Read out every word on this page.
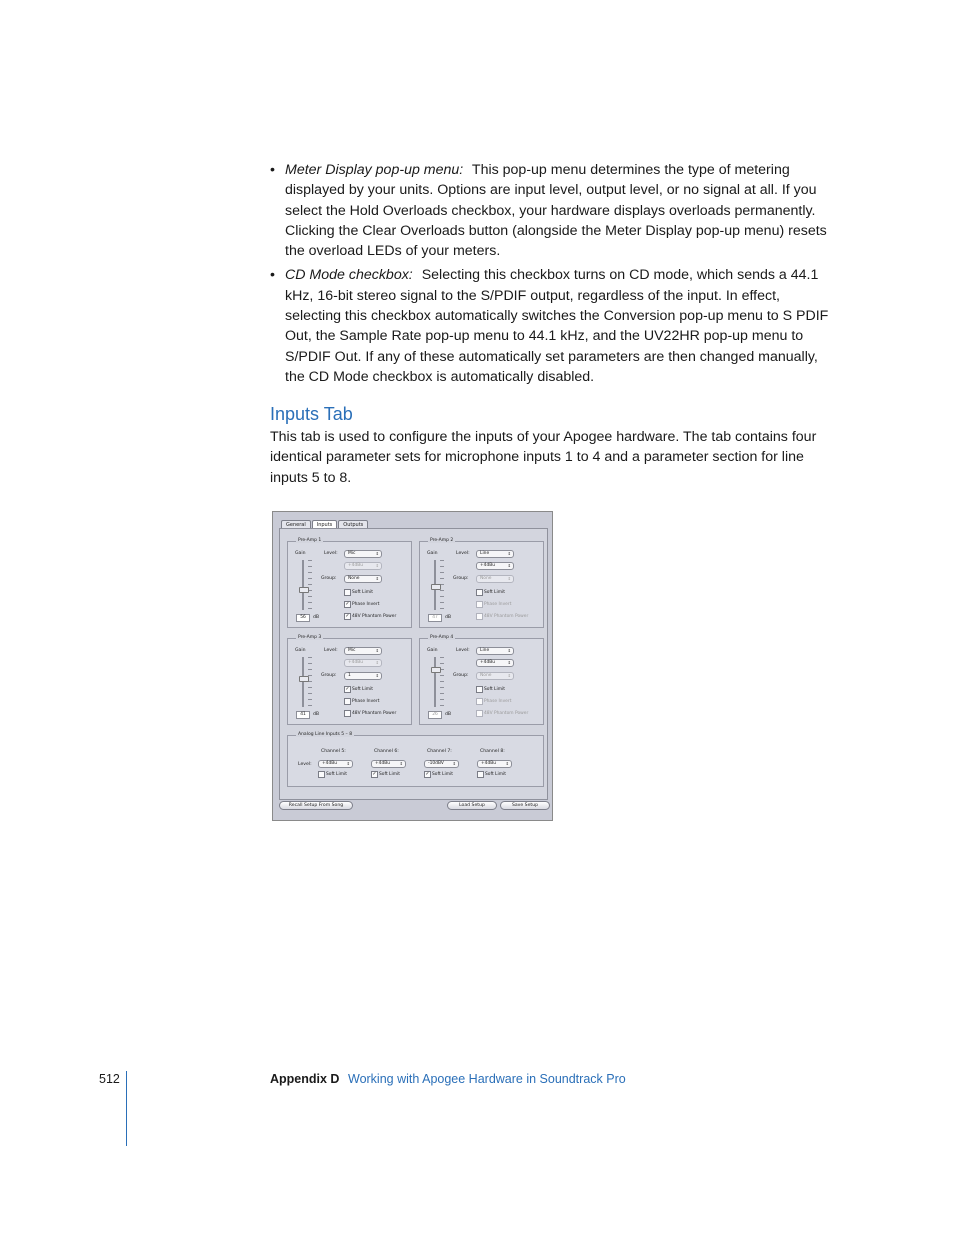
• Meter Display pop-up menu: This pop-up menu determines the type of metering displayed by your units. Options are input level, output level, or no signal at all. If you select the Hold Overloads checkbox, your hardware displays overloads permanently. Clicking the Clear Overloads button (alongside the Meter Display pop-up menu) resets the overload LEDs of your meters.
• CD Mode checkbox: Selecting this checkbox turns on CD mode, which sends a 44.1 kHz, 16-bit stereo signal to the S/PDIF output, regardless of the input. In effect, selecting this checkbox automatically switches the Conversion pop-up menu to S PDIF Out, the Sample Rate pop-up menu to 44.1 kHz, and the UV22HR pop-up menu to S/PDIF Out. If any of these automatically set parameters are then changed manually, the CD Mode checkbox is automatically disabled.
Inputs Tab

This tab is used to configure the inputs of your Apogee hardware. The tab contains four identical parameter sets for microphone inputs 1 to 4 and a parameter section for line inputs 5 to 8.

General	Inputs	Outputs
Analog Line Inputs 5 – 8
Level:
Channel 5:
+4dBu ⇕
Soft Limit
Channel 6:
+4dBu ⇕
✓ Soft Limit
Channel 7:
-10dBV ⇕
✓ Soft Limit
Channel 8:
+4dBu ⇕
Soft Limit
Recall Setup From Song	Load Setup	Save Setup
Pre-Amp 1
Gain
56	dB
Level:	Mic	⇕
+4dBu	⇕
Group:	None	⇕
Soft Limit
✓ Phase Invert
✓ 48V Phantom Power
Pre-Amp 2
Gain
47	dB
Level:	Line	⇕
+4dBu	⇕
Group:	None	⇕
Soft Limit
Phase Invert
48V Phantom Power
Pre-Amp 3
Gain
41	dB
Level:	Mic	⇕
+4dBu	⇕
Group:	1	⇕
✓ Soft Limit
Phase Invert
48V Phantom Power
Pre-Amp 4
Gain
26	dB
Level:	Line	⇕
+4dBu	⇕
Group:	None	⇕
Soft Limit
Phase Invert
48V Phantom Power
512	Appendix D Working with Apogee Hardware in Soundtrack Pro
